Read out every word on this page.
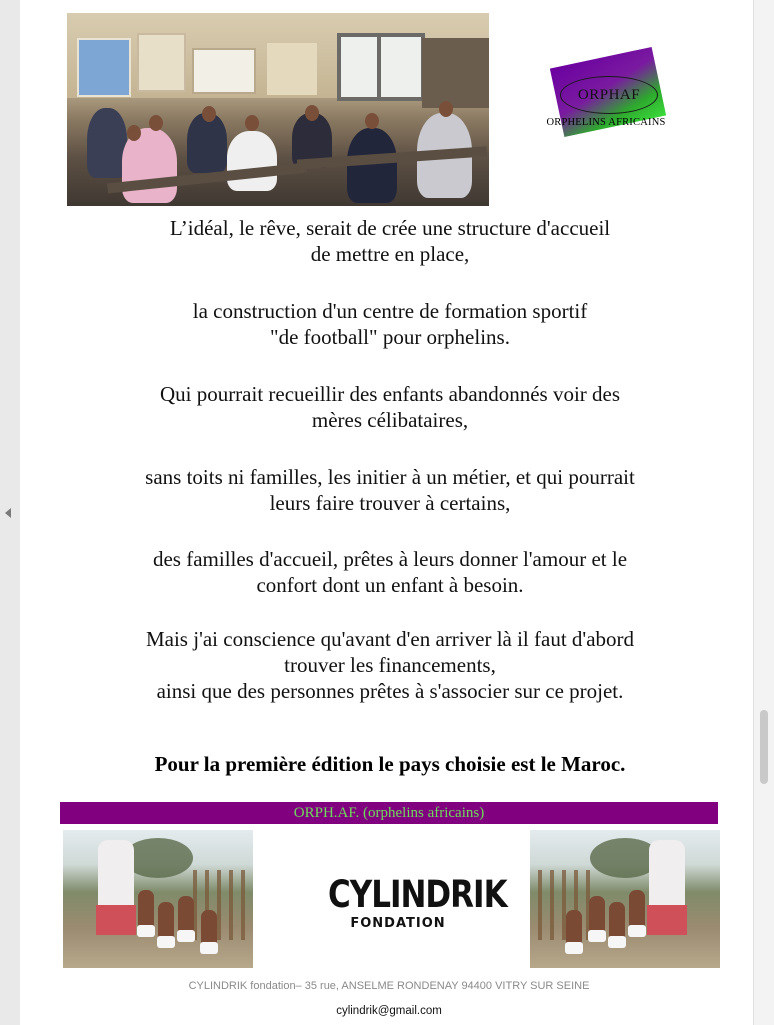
ORPHAF
ORPHELINS AFRICAINS
L’idéal, le rêve, serait de crée une structure d'accueil
de mettre en place,
la construction d'un centre de formation sportif
"de football" pour orphelins.
Qui pourrait recueillir des enfants abandonnés voir des
mères célibataires,
sans toits ni familles, les initier à un métier, et qui pourrait
leurs faire trouver à certains,
des familles d'accueil, prêtes à leurs donner l'amour et le
confort dont un enfant à besoin.
Mais j'ai conscience qu'avant d'en arriver là il faut d'abord
trouver les financements,
ainsi que des personnes prêtes à s'associer sur ce projet.
Pour la première édition le pays choisie est le Maroc.
ORPH.AF. (orphelins africains)
CYLINDRIK
FONDATION
CYLINDRIK fondation– 35 rue, ANSELME RONDENAY 94400 VITRY SUR SEINE
cylindrik@gmail.com
